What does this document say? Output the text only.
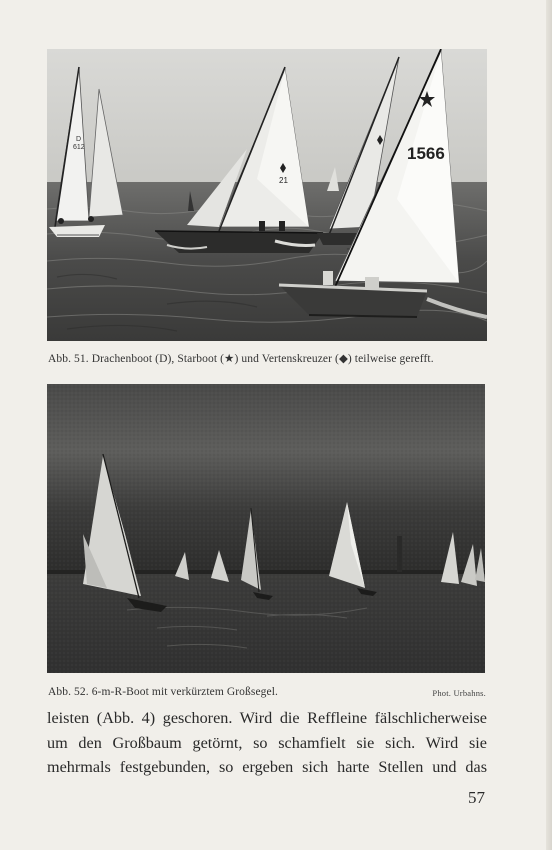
612
D
21
1566
Abb. 51. Drachenboot (D), Starboot (★) und Vertenskreuzer (◆) teilweise gerefft.
Abb. 52. 6-m-R-Boot mit verkürztem Großsegel.	Phot. Urbahns.
leisten (Abb. 4) geschoren. Wird die Reffleine fälschlicherweise
um den Großbaum getörnt, so schamfielt sie sich. Wird sie
mehrmals festgebunden, so ergeben sich harte Stellen und das
57
